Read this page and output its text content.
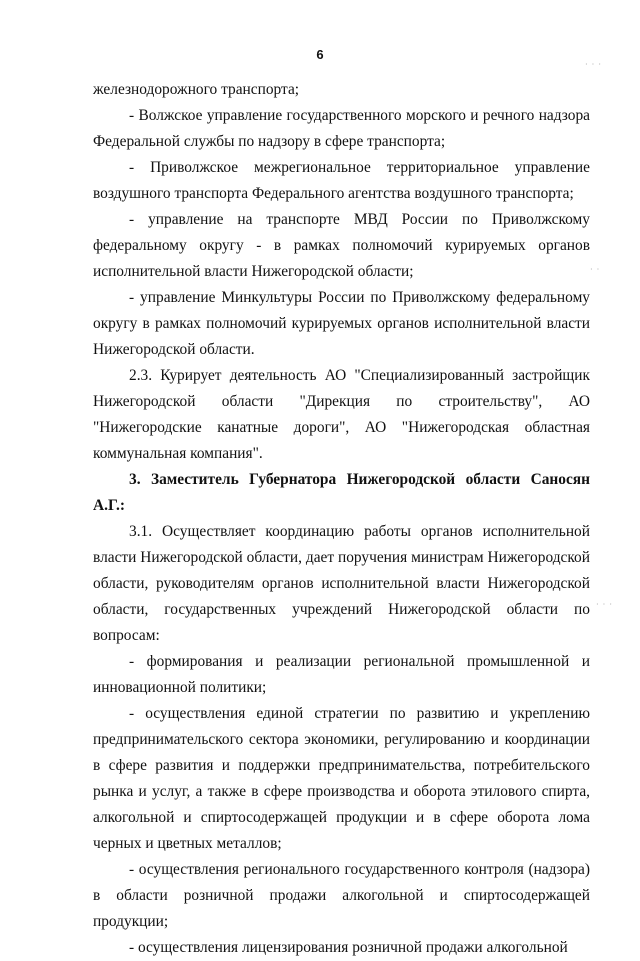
6

железнодорожного транспорта;

- Волжское управление государственного морского и речного надзора Федеральной службы по надзору в сфере транспорта;

- Приволжское межрегиональное территориальное управление воздушного транспорта Федерального агентства воздушного транспорта;

- управление на транспорте МВД России по Приволжскому федеральному округу - в рамках полномочий курируемых органов исполнительной власти Нижегородской области;

- управление Минкультуры России по Приволжскому федеральному округу в рамках полномочий курируемых органов исполнительной власти Нижегородской области.

2.3. Курирует деятельность АО "Специализированный застройщик Нижегородской области "Дирекция по строительству", АО "Нижегородские канатные дороги", АО "Нижегородская областная коммунальная компания".

3. Заместитель Губернатора Нижегородской области Саносян А.Г.:

3.1. Осуществляет координацию работы органов исполнительной власти Нижегородской области, дает поручения министрам Нижегородской области, руководителям органов исполнительной власти Нижегородской области, государственных учреждений Нижегородской области по вопросам:

- формирования и реализации региональной промышленной и инновационной политики;

- осуществления единой стратегии по развитию и укреплению предпринимательского сектора экономики, регулированию и координации в сфере развития и поддержки предпринимательства, потребительского рынка и услуг, а также в сфере производства и оборота этилового спирта, алкогольной и спиртосодержащей продукции и в сфере оборота лома черных и цветных металлов;

- осуществления регионального государственного контроля (надзора) в области розничной продажи алкогольной и спиртосодержащей продукции;

- осуществления лицензирования розничной продажи алкогольной

· · ·
· ·
· · ·
